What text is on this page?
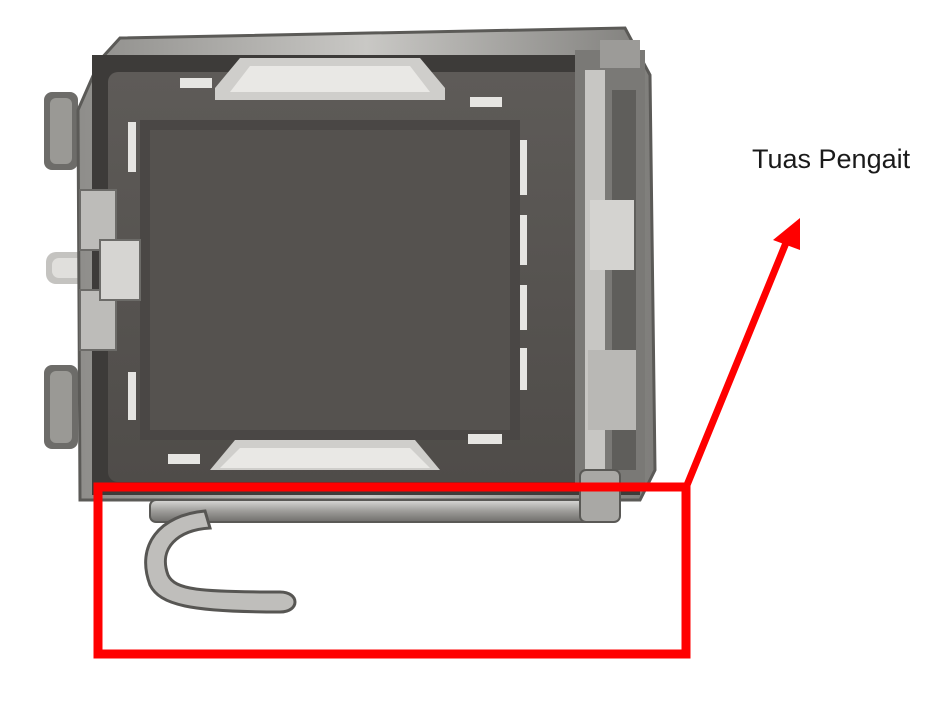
Tuas Pengait
